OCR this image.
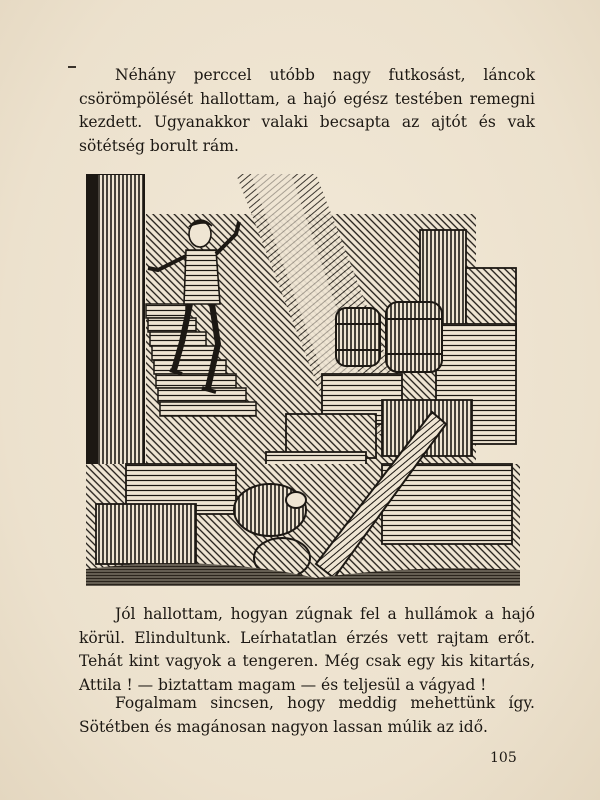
Néhány perccel utóbb nagy futkosást, láncok csörömpölését hallottam, a hajó egész testében remegni kezdett. Ugyanakkor valaki becsapta az ajtót és vak sötétség borult rám.

Jól hallottam, hogyan zúgnak fel a hullámok a hajó körül. Elindultunk. Leírhatatlan érzés vett rajtam erőt. Tehát kint vagyok a tengeren. Még csak egy kis kitartás, Attila ! — biztattam magam — és teljesül a vágyad !

Fogalmam sincsen, hogy meddig mehettünk így. Sötétben és magánosan nagyon lassan múlik az idő.

105
